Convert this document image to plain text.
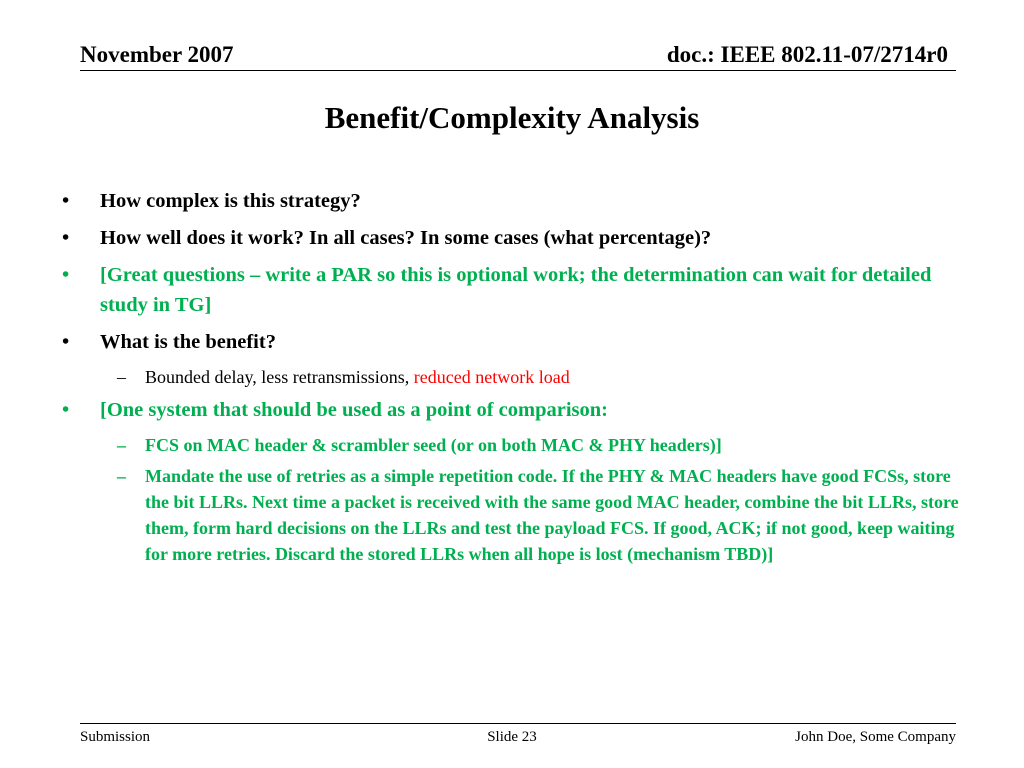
November 2007	doc.: IEEE 802.11-07/2714r0
Benefit/Complexity Analysis
• How complex is this strategy?
• How well does it work? In all cases? In some cases (what percentage)?
• [Great questions – write a PAR so this is optional work; the determination can wait for detailed study in TG]
• What is the benefit?
– Bounded delay, less retransmissions, reduced network load
• [One system that should be used as a point of comparison:
– FCS on MAC header & scrambler seed (or on both MAC & PHY headers)]
– Mandate the use of retries as a simple repetition code. If the PHY & MAC headers have good FCSs, store the bit LLRs. Next time a packet is received with the same good MAC header, combine the bit LLRs, store them, form hard decisions on the LLRs and test the payload FCS. If good, ACK; if not good, keep waiting for more retries. Discard the stored LLRs when all hope is lost (mechanism TBD)]
Submission	Slide 23	John Doe, Some Company
